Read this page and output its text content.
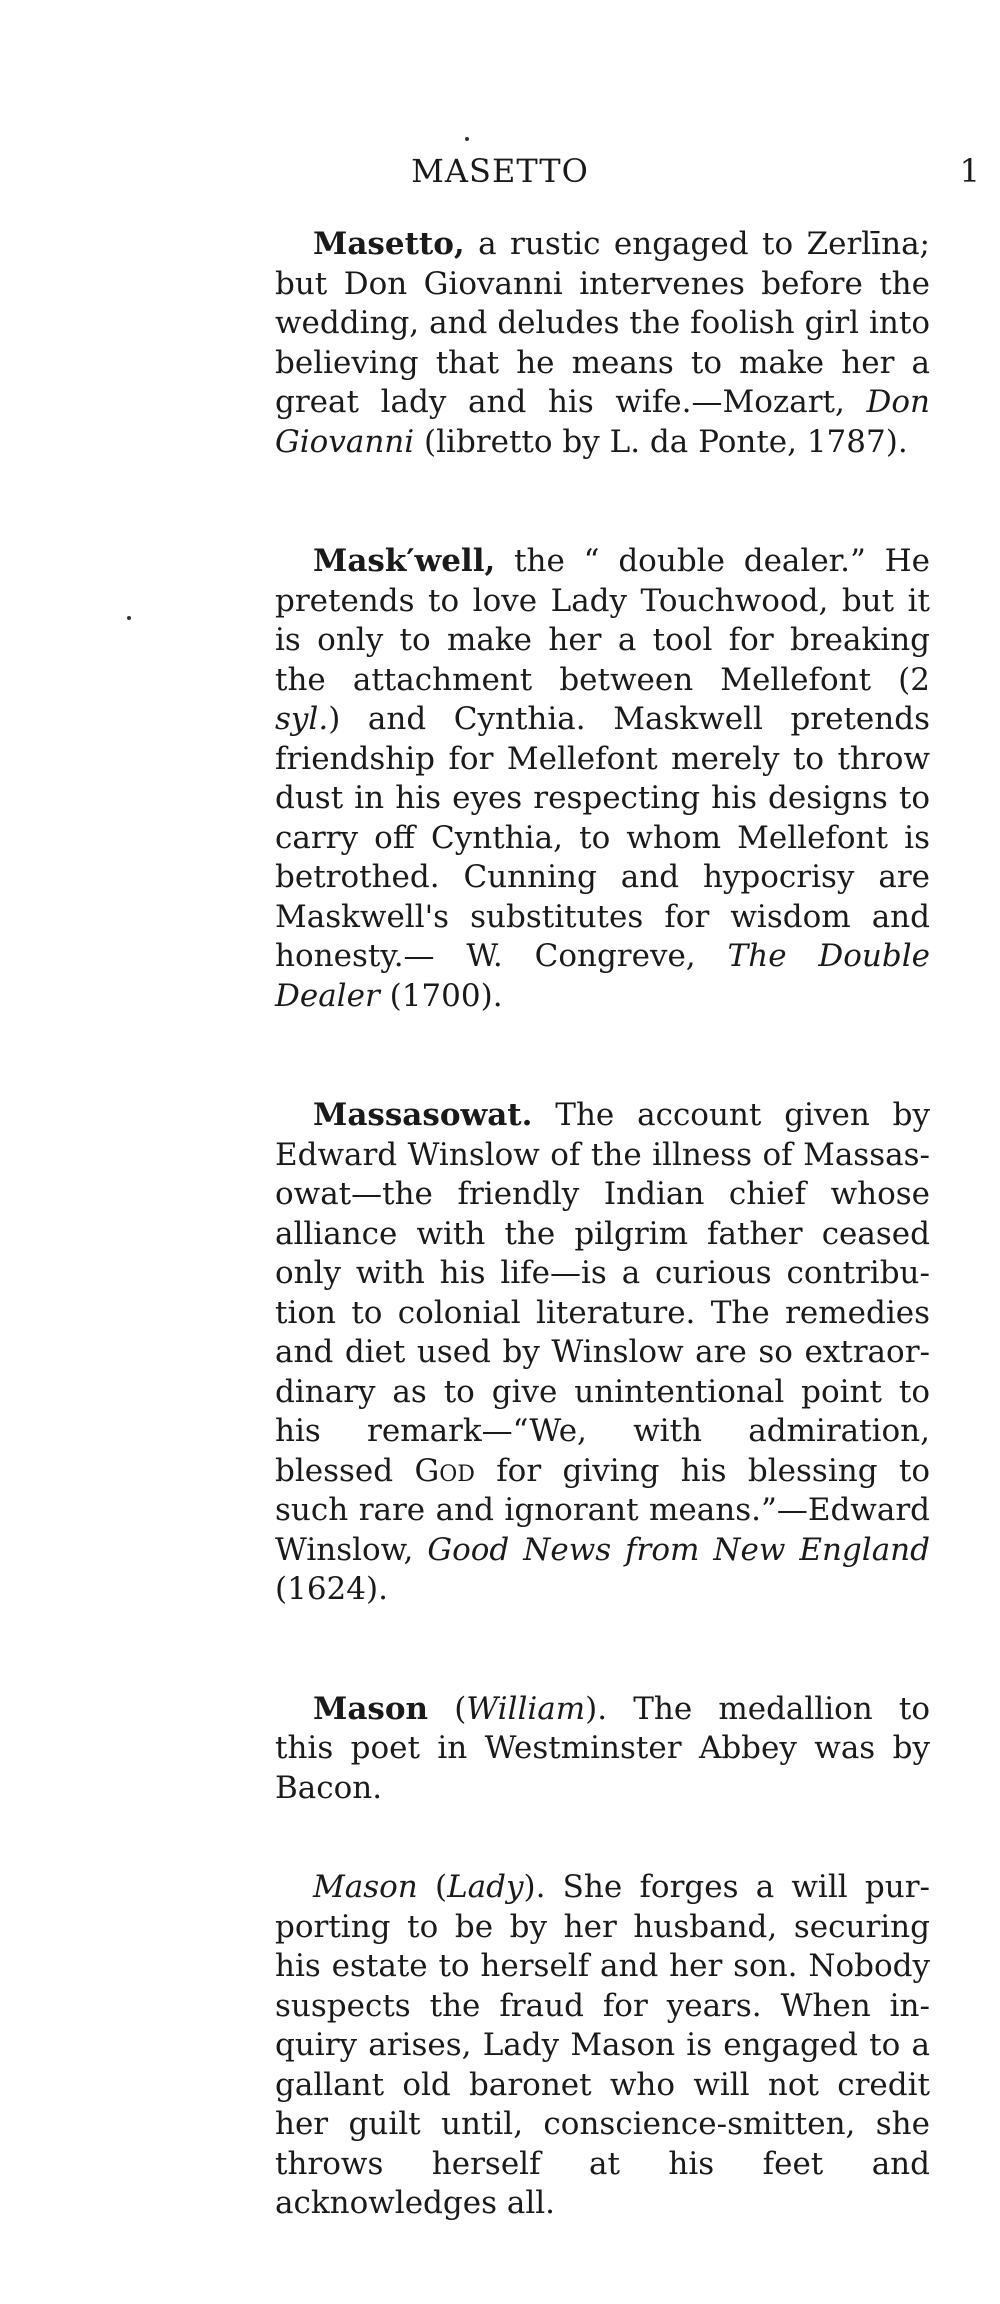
MASETTO	1

Masetto, a rustic engaged to Zerlīna; but Don Giovanni intervenes before the wedding, and deludes the foolish girl into believing that he means to make her a great lady and his wife.—Mozart, Don Giovanni (libretto by L. da Ponte, 1787).

Mask′well, the “ double dealer.” He pretends to love Lady Touchwood, but it is only to make her a tool for breaking the attachment between Mellefont (2 syl.) and Cynthia. Maskwell pretends friendship for Mellefont merely to throw dust in his eyes respecting his designs to carry off Cynthia, to whom Mellefont is betrothed. Cunning and hypocrisy are Maskwell's substitutes for wisdom and honesty.— W. Congreve, The Double Dealer (1700).

Massasowat. The account given by Edward Winslow of the illness of Massas-owat—the friendly Indian chief whose alliance with the pilgrim father ceased only with his life—is a curious contribu-tion to colonial literature. The remedies and diet used by Winslow are so extraor-dinary as to give unintentional point to his remark—“We, with admiration, blessed God for giving his blessing to such rare and ignorant means.”—Edward Winslow, Good News from New England (1624).

Mason (William). The medallion to this poet in Westminster Abbey was by Bacon.

Mason (Lady). She forges a will pur-porting to be by her husband, securing his estate to herself and her son. Nobody suspects the fraud for years. When in-quiry arises, Lady Mason is engaged to a gallant old baronet who will not credit her guilt until, conscience-smitten, she throws herself at his feet and acknowledges all.
